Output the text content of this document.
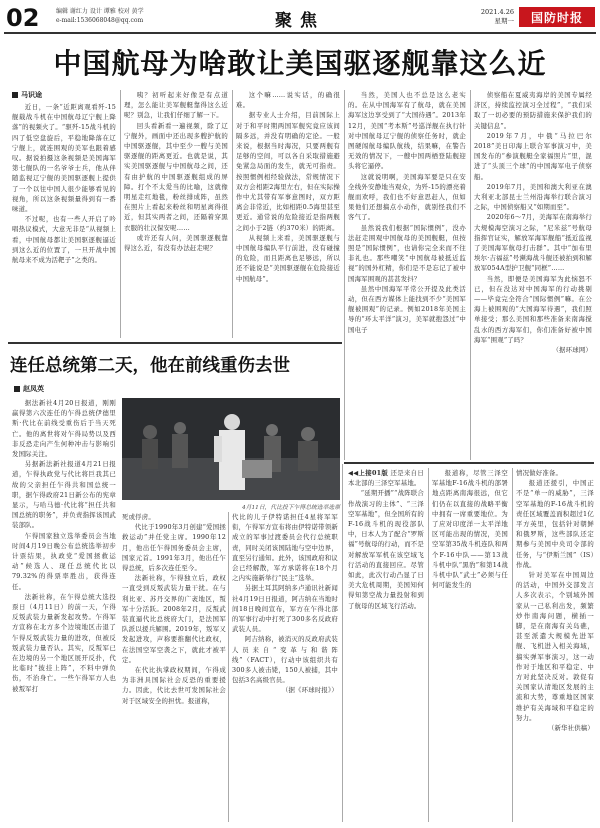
02	编辑 谢红力 设计 谭雅 校对 黄学
e-mail:1536068048@qq.com	聚焦	2021.4.26
星期一 国防时报
中国航母为啥敢让美国驱逐舰靠这么近
马识途

近日，一条“近距离观看歼-15舰载战斗机在中国航母辽宁舰上降落”的视频火了。“驱歼-15战斗机的四了低空盘旋后，平稳地降落在辽宁舰上，就连围观的美军也跟着感叹。据说拍摄这条视频是美国海军第七舰队的一名爷爷士兵，他从伴随监视辽宁舰的美国驱逐舰上提供了一个以往中国人很少能够看见的视角，所以这条视频量得到有一番味道。

不过呢，也有一些人开启了吟唱热议模式，大意无非是“从视频上看，中国航母都让美国驱逐舰逼近到这么近的位置了，一旦开战中国航母来不成为活靶子”之类的。

咦？初听起来好像是有点道理，怎么能让美军舰艇靠得这么近呢？别急，让我们仔细了解一下。

回头看新看一遍视频，除了辽宁舰外，画面中还出现多艘护航的中国驱逐舰，其中至少一艘与美国驱逐舰的距离更近。也就是说，其实美国驱逐舰与中国航母之间，还有由护航的中国驱逐舰组成的屏障。打个不太爱当的比喻，这就像明星走红地毯，粉丝排成阵，虽然在照片上看起来粉丝和明星离得很近，但其实两者之间，还隔着穿黑衣服的壮汉保安呢……

或许还有人问，美国驱逐舰靠得这么近，有没有办法赶走呢？

这个嘛……说实话，的确很难。

据专业人士介绍，目前国际上对于和平时期两国军舰究竟应该间隔多远，并没有明确的定论。一般来说，根据当时海况，只要两舰有足够的空间，可以各自采取措施避免紧急局面的发生，就无可指责。按照惯例相经验做法，常规情况下双方会相距2海里左右，但在实际操作中尤其带有军事意图时，双方距离会非常近，比如相距0.5海里甚至更近。通常说的危险接近是指两舰之间小于2链（约370米）的距离。

从视频上来看，美国驱逐舰与中国航母编队平行前进，没有碰撞的危险，而且距离也足够远，所以还不能说是“美国驱逐舰在危险接近中国航母”。

当然，美国人也不总是这么老实的。在从中国海军有了航母，就在美国海军这边享受到了“大国待遇”。2013年12月，美国“考本斯”号巡洋舰在执行针对中国航母辽宁舰的侦察任务时，就企图硬闯航母编队航线，结果嘛，在警告无效的情况下，一艘中国两栖登陆舰迎头将它逼停。

这就说明啊，美国海军要是只在安全线外安静地当观众，为歼-15的漂亮着舰而欢呼，我们也不好意思赶人，但如果他们还想搞点小动作，就别怪我们不客气了。

虽然说我们根据“国际惯例”，没办法赶走围观中国航母的美国舰艇，但按照是“国际惯例”，也请你完全来而不往非礼也。那些嘲笑“中国航母被抵近监视”的国外杠精，你们是不是忘记了被中国海军围观的甚甚发抖？

虽然中国海军平常公开提及此类活动，但在西方媒体上能找到不少“美国军舰被围观”的记录。例如2018年美国主导的“环太平洋”演习，美军就抱怨过“中国电子

侦察船在夏威夷海岸的美国专属经济区，持续监控演习全过程”，“我们采取了一切必要的预防措施来保护我们的关键信息”。

2019年7月，中俄“马拉巴尔2018”美日印海上联合军事演习中，美国发布的“参演舰艇全家福照片”里，混进了“头顶三个球”的中国海军电子侦察船。

2019年7月，美国和澳大利亚在澳大利亚北部昆士兰州沿海举行联合演习之际，中国侦察船又“如期而至”。

2020年6～7月，美海军在南海举行大规模海空演习之际，“尼米兹”号航母指挥官证实，解放军海军舰船“抵近监视了美国海军航母打击群”。其中“加布里埃尔·吉福兹”号濒海战斗舰还被拍到和解放军054A型护卫舰“同框”……

当然，即便是美国海军为此恼怒不已，但在没达对中国海军的行动挑剔——毕竟完全符合“国际惯例”嘛。在公海上被围观的“大国海军待遇”，我们照单接受；那么美国和那些准备来南海搅乱水的西方海军们，你们准备好被中国海军“围观”了吗？

（据环球网）
连任总统第二天，他在前线重伤去世
赵凤英

据法新社4月20日报道，刚刚赢得第六次连任的乍得总统伊德里斯·代比在前线受重伤后于当天死亡。他的离世将对乍得局势以及西非反恐走向产生何种冲击与影响引发国际关注。

另据新法新社报道4月21日报道，乍得执政党与代比将巨我其已故的父亲担任乍得共和国总统一职，据乍得政府21日新公布的宪章显示，与哈马德·代比将“担任共和国总统的职务”，并负责指挥该国武装部队。

乍得国家独立选举委员会当地时间4月19日晚公布总统选举初步计票结果，执政党“爱国拯救运动”候选人、现任总统代比以79.32%的得票率胜出，获得连任。

法新社称，在乍得总统大选投票日（4月11日）的前一天，乍得反叛武装力量新发起攻势。乍得军方宣称在北方多个边境地区击退了乍得反叛武装力量的进攻，但被反叛武装力量否认。其实，反叛军已在边境的另一个地区展开反扑，代比临时“披挂上阵”，不料中弹负伤，不治身亡。一些乍得军方人也被叛军打

4月11日，代比投下乍得总统选举选票
死或俘虏。

代比于1990年3月创建“爱国拯救运动”并任党主席。1990年12月，他出任乍得国务委员会主席，国家元首。1991年3月，他出任乍得总统，后多次连任至今。

法新社称，乍得独立后，政权一直受到反叛武装力量干扰。在与利比亚、苏丹交界的广袤地区，叛军十分活跃。2008年2月，反叛武装直逼代比总统府大门，是法国军队派以援兵解围。2019年，叛军又发起进攻，声称要推翻代比政权，在法国空军空袭之下，就此才被平定。

在代比执掌政权期间，乍得成为非洲具国际社会反恐的重要援力。因此，代比去世可发国际社会对于区域安全的担忧。报道称，

代比的儿子伊特诺担任4星将军军衔，乍得军方宣布将由伊特诺带领新成立的军事过渡委员会代行总统职责，同时关闭该国陆地与空中边界，直至另行通知。此外，该国政府和议会已经解散，军方承诺将在18个月之内实施新举行“民主”选举。

另据土耳其阿纳多卢通讯社新闻社4月19日日报道，阿吉纳在当地时间18日晚间宣布，军方在乍得北部的军事行动中打死了300多名反政府武装人员。

阿吉纳称，被消灭的反政府武装人员来自“变革与和谐阵线”（FACT），行动中该组织共有300多人被击毙，150人被捕，其中包括3名高级官员。

（据《环球时报》）
◀◀上接01版 还是来自日本北部的三泽空军基地。

“延期开播”“战阵联合作战演习的主体”、“三泽空军基地”，但全国所有的F-16战斗机的现役部队中，日本人为了配合“罗斯福”号航母的行动，而不是对解放军军机在该空域飞行活动的直接回应。尽管如此，此次行动凸显了日美大危机周期，美国知何得知第空战力量投射和到了航母的区域飞行活动。

报道称，尽管三泽空军基地F-16战斗机的部署地点距离南海很远，但它们仍在以直接的战略平衡中拥有一席重要地位。为了应对印度洋一太平洋地区可能出现的情况，美国空军第35战斗机连队和两个F-16中队——第13战斗机中队“黑豹”和第14战斗机中队“武士”必须与任何可能发生的

情况做好准备。

报道还援引，中国正不是“单一的威胁”，三泽空军基地的F-16战斗机的责任区域覆盖面积超过1亿平方英里，包括针对朝鲜和俄罗斯，这些部队还定期参与美国中央司令部的任务，与“伊斯兰国”（IS）作战。

针对美军在中国周边的活动，中国外交部发言人多次表示，个别域外国家从一己私利出发，频繁炒作南海问题，横插一脚，是在南海有关岛礁，甚至派遣大规模先进军舰、飞机进入相关海域，搞实弹军事演习，这一动作对于地区和平稳定、中方对此坚决反对。敦促有关国家认清地区发展的主流和大势，尊重地区国家维护有关海域和平稳定的努力。

（新华社供稿）
